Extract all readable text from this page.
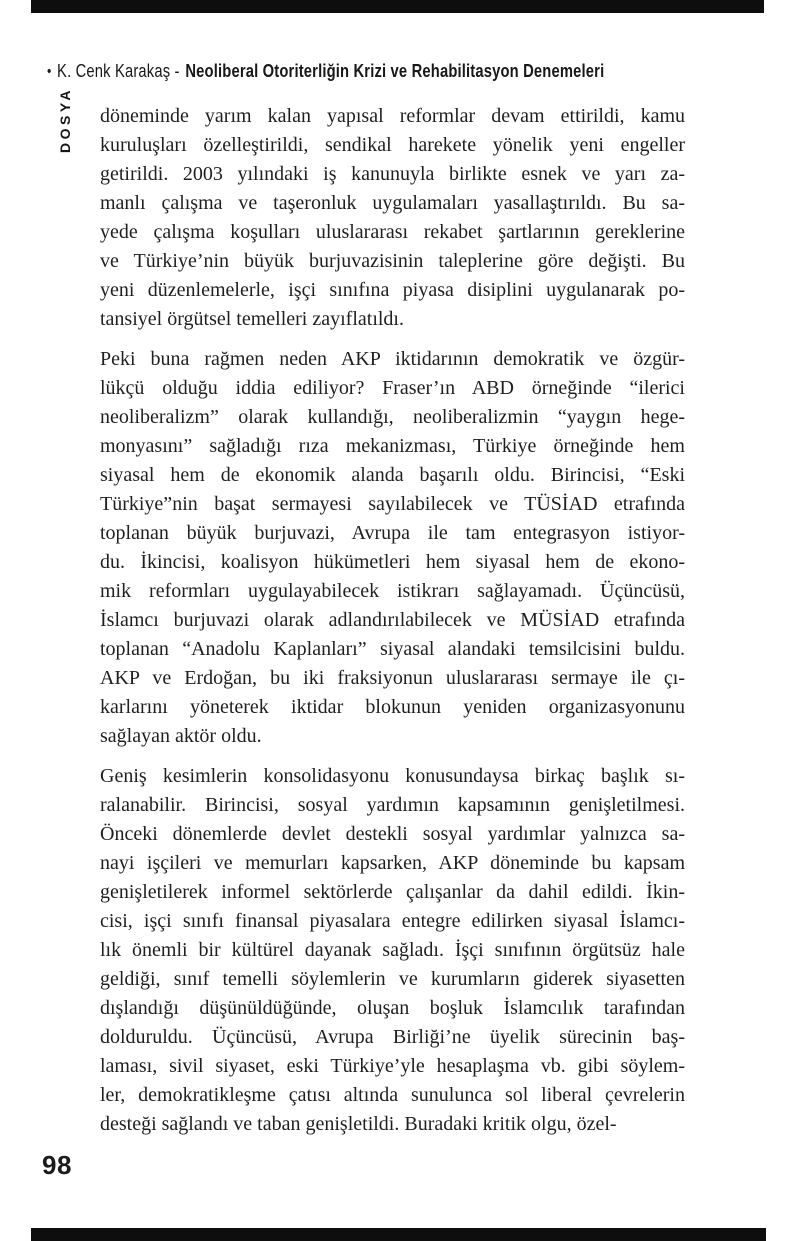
• K. Cenk Karakaş - Neoliberal Otoriterliğin Krizi ve Rehabilitasyon Denemeleri
DOSYA döneminde yarım kalan yapısal reformlar devam ettirildi, kamu
kuruluşları özelleştirildi, sendikal harekete yönelik yeni engeller
getirildi. 2003 yılındaki iş kanunuyla birlikte esnek ve yarı za-
manlı çalışma ve taşeronluk uygulamaları yasallaştırıldı. Bu sa-
yede çalışma koşulları uluslararası rekabet şartlarının gereklerine
ve Türkiye’nin büyük burjuvazisinin taleplerine göre değişti. Bu
yeni düzenlemelerle, işçi sınıfına piyasa disiplini uygulanarak po-
tansiyel örgütsel temelleri zayıflatıldı.
Peki buna rağmen neden AKP iktidarının demokratik ve özgür-
lükçü olduğu iddia ediliyor? Fraser’ın ABD örneğinde “ilerici
neoliberalizm” olarak kullandığı, neoliberalizmin “yaygın hege-
monyasını” sağladığı rıza mekanizması, Türkiye örneğinde hem
siyasal hem de ekonomik alanda başarılı oldu. Birincisi, “Eski
Türkiye”nin başat sermayesi sayılabilecek ve TÜSİAD etrafında
toplanan büyük burjuvazi, Avrupa ile tam entegrasyon istiyor-
du. İkincisi, koalisyon hükümetleri hem siyasal hem de ekono-
mik reformları uygulayabilecek istikrarı sağlayamadı. Üçüncüsü,
İslamcı burjuvazi olarak adlandırılabilecek ve MÜSİAD etrafında
toplanan “Anadolu Kaplanları” siyasal alandaki temsilcisini buldu.
AKP ve Erdoğan, bu iki fraksiyonun uluslararası sermaye ile çı-
karlarını yöneterek iktidar blokunun yeniden organizasyonunu
sağlayan aktör oldu.
Geniş kesimlerin konsolidasyonu konusundaysa birkaç başlık sı-
ralanabilir. Birincisi, sosyal yardımın kapsamının genişletilmesi.
Önceki dönemlerde devlet destekli sosyal yardımlar yalnızca sa-
nayi işçileri ve memurları kapsarken, AKP döneminde bu kapsam
genişletilerek informel sektörlerde çalışanlar da dahil edildi. İkin-
cisi, işçi sınıfı finansal piyasalara entegre edilirken siyasal İslamcı-
lık önemli bir kültürel dayanak sağladı. İşçi sınıfının örgütsüz hale
geldiği, sınıf temelli söylemlerin ve kurumların giderek siyasetten
dışlandığı düşünüldüğünde, oluşan boşluk İslamcılık tarafından
dolduruldu. Üçüncüsü, Avrupa Birliği’ne üyelik sürecinin baş-
laması, sivil siyaset, eski Türkiye’yle hesaplaşma vb. gibi söylem-
ler, demokratikleşme çatısı altında sunulunca sol liberal çevrelerin
desteği sağlandı ve taban genişletildi. Buradaki kritik olgu, özel-
98
